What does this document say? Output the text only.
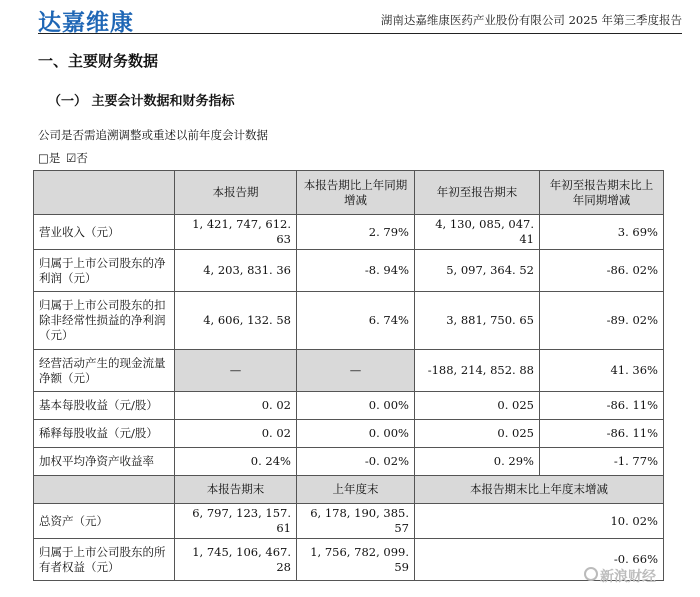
达嘉维康	湖南达嘉维康医药产业股份有限公司 2025 年第三季度报告
一、主要财务数据
（一） 主要会计数据和财务指标
公司是否需追溯调整或重述以前年度会计数据
□是 ☑否
	本报告期	本报告期比上年同期增减	年初至报告期末	年初至报告期末比上年同期增减
营业收入（元）	1, 421, 747, 612. 63	2. 79%	4, 130, 085, 047. 41	3. 69%
归属于上市公司股东的净利润（元）	4, 203, 831. 36	-8. 94%	5, 097, 364. 52	-86. 02%
归属于上市公司股东的扣除非经常性损益的净利润（元）	4, 606, 132. 58	6. 74%	3, 881, 750. 65	-89. 02%
经营活动产生的现金流量净额（元）	—	—	-188, 214, 852. 88	41. 36%
基本每股收益（元/股）	0. 02	0. 00%	0. 025	-86. 11%
稀释每股收益（元/股）	0. 02	0. 00%	0. 025	-86. 11%
加权平均净资产收益率	0. 24%	-0. 02%	0. 29%	-1. 77%
	本报告期末	上年度末	本报告期末比上年度末增减	
总资产（元）	6, 797, 123, 157. 61	6, 178, 190, 385. 57	10. 02%	
归属于上市公司股东的所有者权益（元）	1, 745, 106, 467. 28	1, 756, 782, 099. 59	-0. 66%	
新浪财经
